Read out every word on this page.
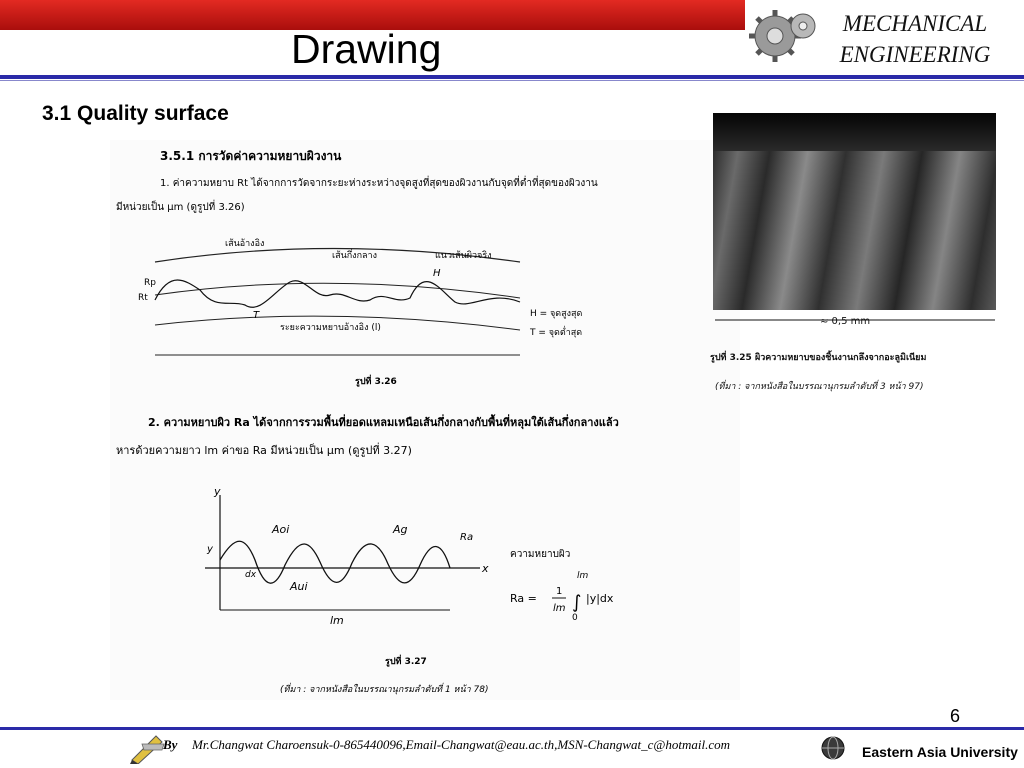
MECHANICAL
ENGINEERING
Drawing
3.1 Quality surface
3.5.1 การวัดค่าความหยาบผิวงาน
1. ค่าความหยาบ Rt ได้จากการวัดจากระยะห่างระหว่างจุดสูงที่สุดของผิวงานกับจุดที่ต่ำที่สุดของผิวงาน
มีหน่วยเป็น μm (ดูรูปที่ 3.26)
เส้นอ้างอิง
เส้นกึ่งกลาง	แนวเส้นผิวจริง
Rt
Rp
H
T
ระยะความหยาบอ้างอิง (l)
H = จุดสูงสุด
T = จุดต่ำสุด
รูปที่ 3.26
2. ความหยาบผิว Ra ได้จากการรวมพื้นที่ยอดแหลมเหนือเส้นกึ่งกลางกับพื้นที่หลุมใต้เส้นกึ่งกลางแล้ว
หารด้วยความยาว lm ค่าขอ Ra มีหน่วยเป็น μm (ดูรูปที่ 3.27)
y
y
x
Aoi	Ag
Ra
dx
Aui
lm
ความหยาบผิว
Ra =
1
lm ∫
lm
0
|y|dx
รูปที่ 3.27
(ที่มา : จากหนังสือในบรรณานุกรมลำดับที่ 1 หน้า 78)
≈ 0,5 mm
รูปที่ 3.25 ผิวความหยาบของชิ้นงานกลึงจากอะลูมิเนียม
(ที่มา : จากหนังสือในบรรณานุกรมลำดับที่ 3 หน้า 97)
6
By Mr.Changwat Charoensuk-0-865440096,Email-Changwat@eau.ac.th,MSN-Changwat_c@hotmail.com	Eastern Asia University
